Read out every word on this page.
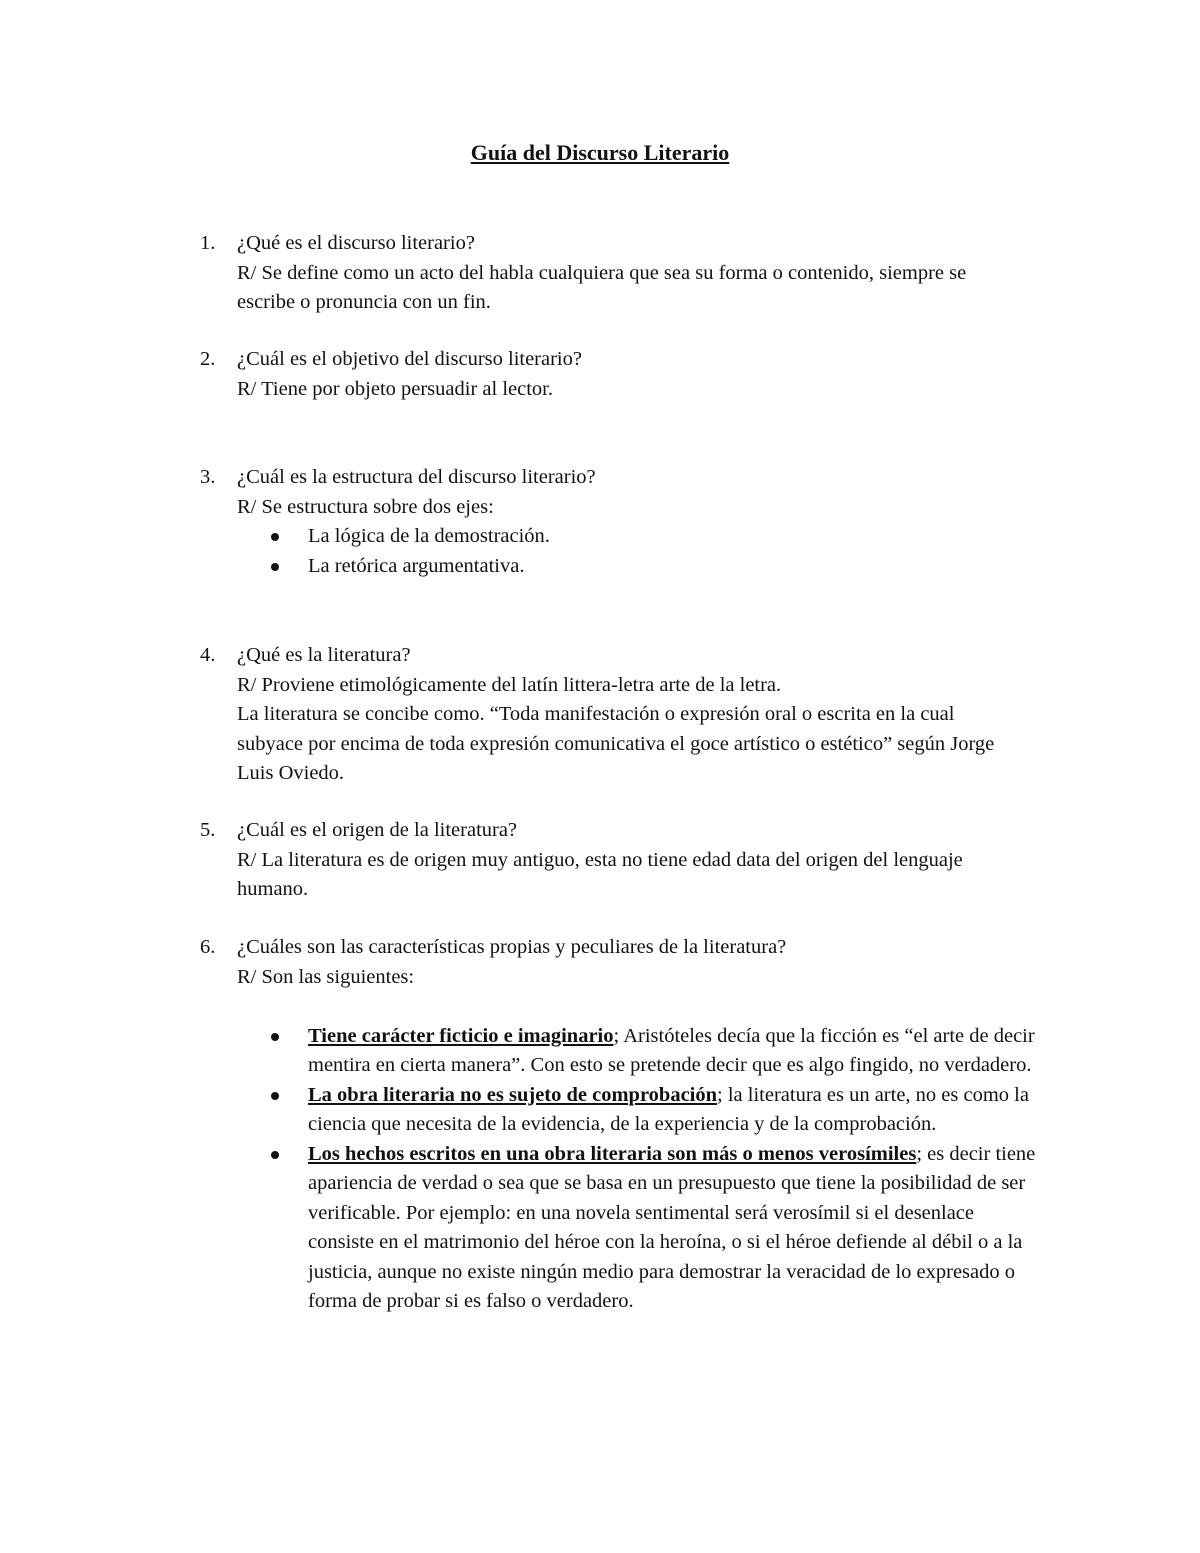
Guía del Discurso Literario
1.	¿Qué es el discurso literario?
R/ Se define como un acto del habla cualquiera que sea su forma o contenido, siempre se escribe o pronuncia con un fin.
2.	¿Cuál es el objetivo del discurso literario?
R/ Tiene por objeto persuadir al lector.
3.	¿Cuál es la estructura del discurso literario?
R/ Se estructura sobre dos ejes:
La lógica de la demostración.
La retórica argumentativa.
4.	¿Qué es la literatura?
R/ Proviene etimológicamente del latín littera-letra arte de la letra.
La literatura se concibe como. “Toda manifestación o expresión oral o escrita en la cual subyace por encima de toda expresión comunicativa el goce artístico o estético” según Jorge Luis Oviedo.
5.	¿Cuál es el origen de la literatura?
R/ La literatura es de origen muy antiguo, esta no tiene edad data del origen del lenguaje humano.
6.	¿Cuáles son las características propias y peculiares de la literatura?
R/ Son las siguientes:
Tiene carácter ficticio e imaginario; Aristóteles decía que la ficción es “el arte de decir mentira en cierta manera”. Con esto se pretende decir que es algo fingido, no verdadero.
La obra literaria no es sujeto de comprobación; la literatura es un arte, no es como la ciencia que necesita de la evidencia, de la experiencia y de la comprobación.
Los hechos escritos en una obra literaria son más o menos verosímiles; es decir tiene apariencia de verdad o sea que se basa en un presupuesto que tiene la posibilidad de ser verificable. Por ejemplo: en una novela sentimental será verosímil si el desenlace consiste en el matrimonio del héroe con la heroína, o si el héroe defiende al débil o a la justicia, aunque no existe ningún medio para demostrar la veracidad de lo expresado o forma de probar si es falso o verdadero.
